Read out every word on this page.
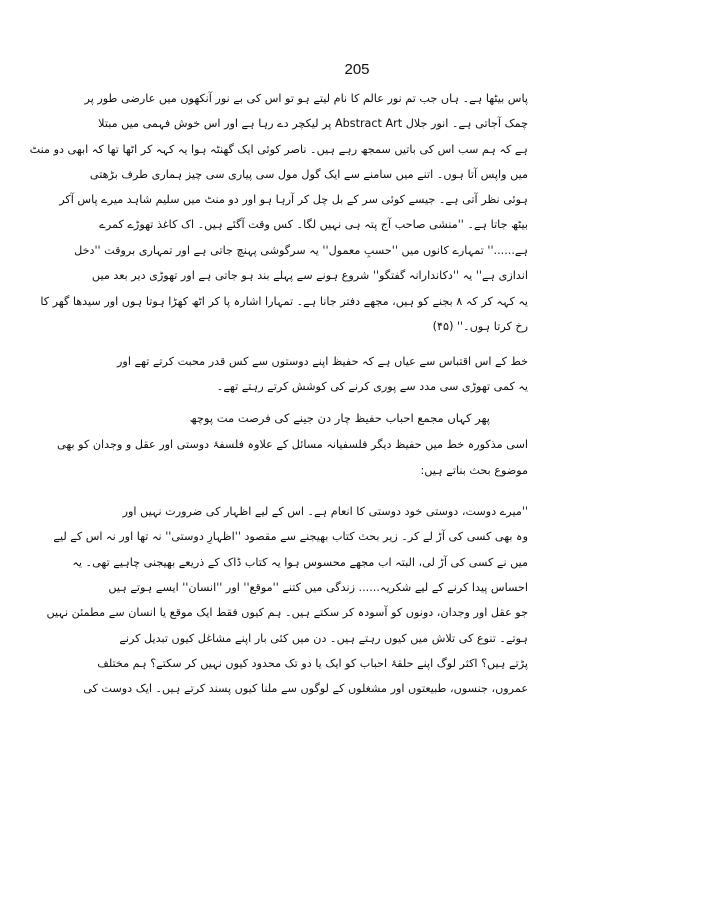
205
پاس بیٹھا ہے۔ ہاں جب تم نور عالم کا نام لیتے ہو تو اس کی بے نور آنکھوں میں عارضی طور پر
چمک آجاتی ہے۔ انور جلال Abstract Art پر لیکچر دے رہا ہے اور اس خوش فہمی میں مبتلا
ہے کہ ہم سب اس کی باتیں سمجھ رہے ہیں۔ ناصر کوئی ایک گھنٹہ ہوا یہ کہہ کر اٹھا تھا کہ ابھی دو منٹ
میں واپس آتا ہوں۔ اتنے میں سامنے سے ایک گول مول سی پیاری سی چیز ہماری طرف بڑھتی
ہوئی نظر آتی ہے۔ جیسے کوئی سر کے بل چل کر آرہا ہو اور دو منٹ میں سلیم شاہد میرے پاس آکر
بیٹھ جاتا ہے۔ ''منشی صاحب آج پتہ ہی نہیں لگا۔ کس وقت آگئے ہیں۔ اک کاغذ تھوڑے کمرے
ہے......'' تمہارے کانوں میں ''حسبِ معمول'' یہ سرگوشی پہنچ جاتی ہے اور تمہاری بروقت ''دخل
اندازی ہے'' یہ ''دکاندارانہ گفتگو'' شروع ہونے سے پہلے بند ہو جاتی ہے اور تھوڑی دیر بعد میں
یہ کہہ کر کہ ۸ بجنے کو ہیں، مجھے دفتر جانا ہے۔ تمہارا اشارہ پا کر اٹھ کھڑا ہوتا ہوں اور سیدھا گھر کا
رخ کرتا ہوں۔'' (۴۵)
خط کے اس اقتباس سے عیاں ہے کہ حفیظ اپنے دوستوں سے کس قدر محبت کرتے تھے اور
یہ کمی تھوڑی سی مدد سے پوری کرنے کی کوشش کرتے رہتے تھے۔
پھر کہاں مجمع احباب حفیظ چار دن جینے کی فرصت مت پوچھ
اسی مذکورہ خط میں حفیظ دیگر فلسفیانہ مسائل کے علاوہ فلسفۂ دوستی اور عقل و وجدان کو بھی
موضوع بحث بناتے ہیں:
''میرے دوست، دوستی خود دوستی کا انعام ہے۔ اس کے لیے اظہار کی ضرورت نہیں اور
وہ بھی کسی کی آڑ لے کر۔ زیر بحث کتاب بھیجنے سے مقصود ''اظہارِ دوستی'' نہ تھا اور نہ اس کے لیے
میں نے کسی کی آڑ لی، البتہ اب مجھے محسوس ہوا یہ کتاب ڈاک کے ذریعے بھیجنی چاہیے تھی۔ یہ
احساس پیدا کرنے کے لیے شکریہ...... زندگی میں کتنے ''موقع'' اور ''انسان'' ایسے ہوتے ہیں
جو عقل اور وجدان، دونوں کو آسودہ کر سکتے ہیں۔ ہم کیوں فقط ایک موقع یا انسان سے مطمئن نہیں
ہوتے۔ تنوع کی تلاش میں کیوں رہتے ہیں۔ دن میں کئی بار اپنے مشاغل کیوں تبدیل کرنے
پڑتے ہیں؟ اکثر لوگ اپنے حلقۂ احباب کو ایک یا دو تک محدود کیوں نہیں کر سکتے؟ ہم مختلف
عمروں، جنسوں، طبیعتوں اور مشغلوں کے لوگوں سے ملنا کیوں پسند کرتے ہیں۔ ایک دوست کی
